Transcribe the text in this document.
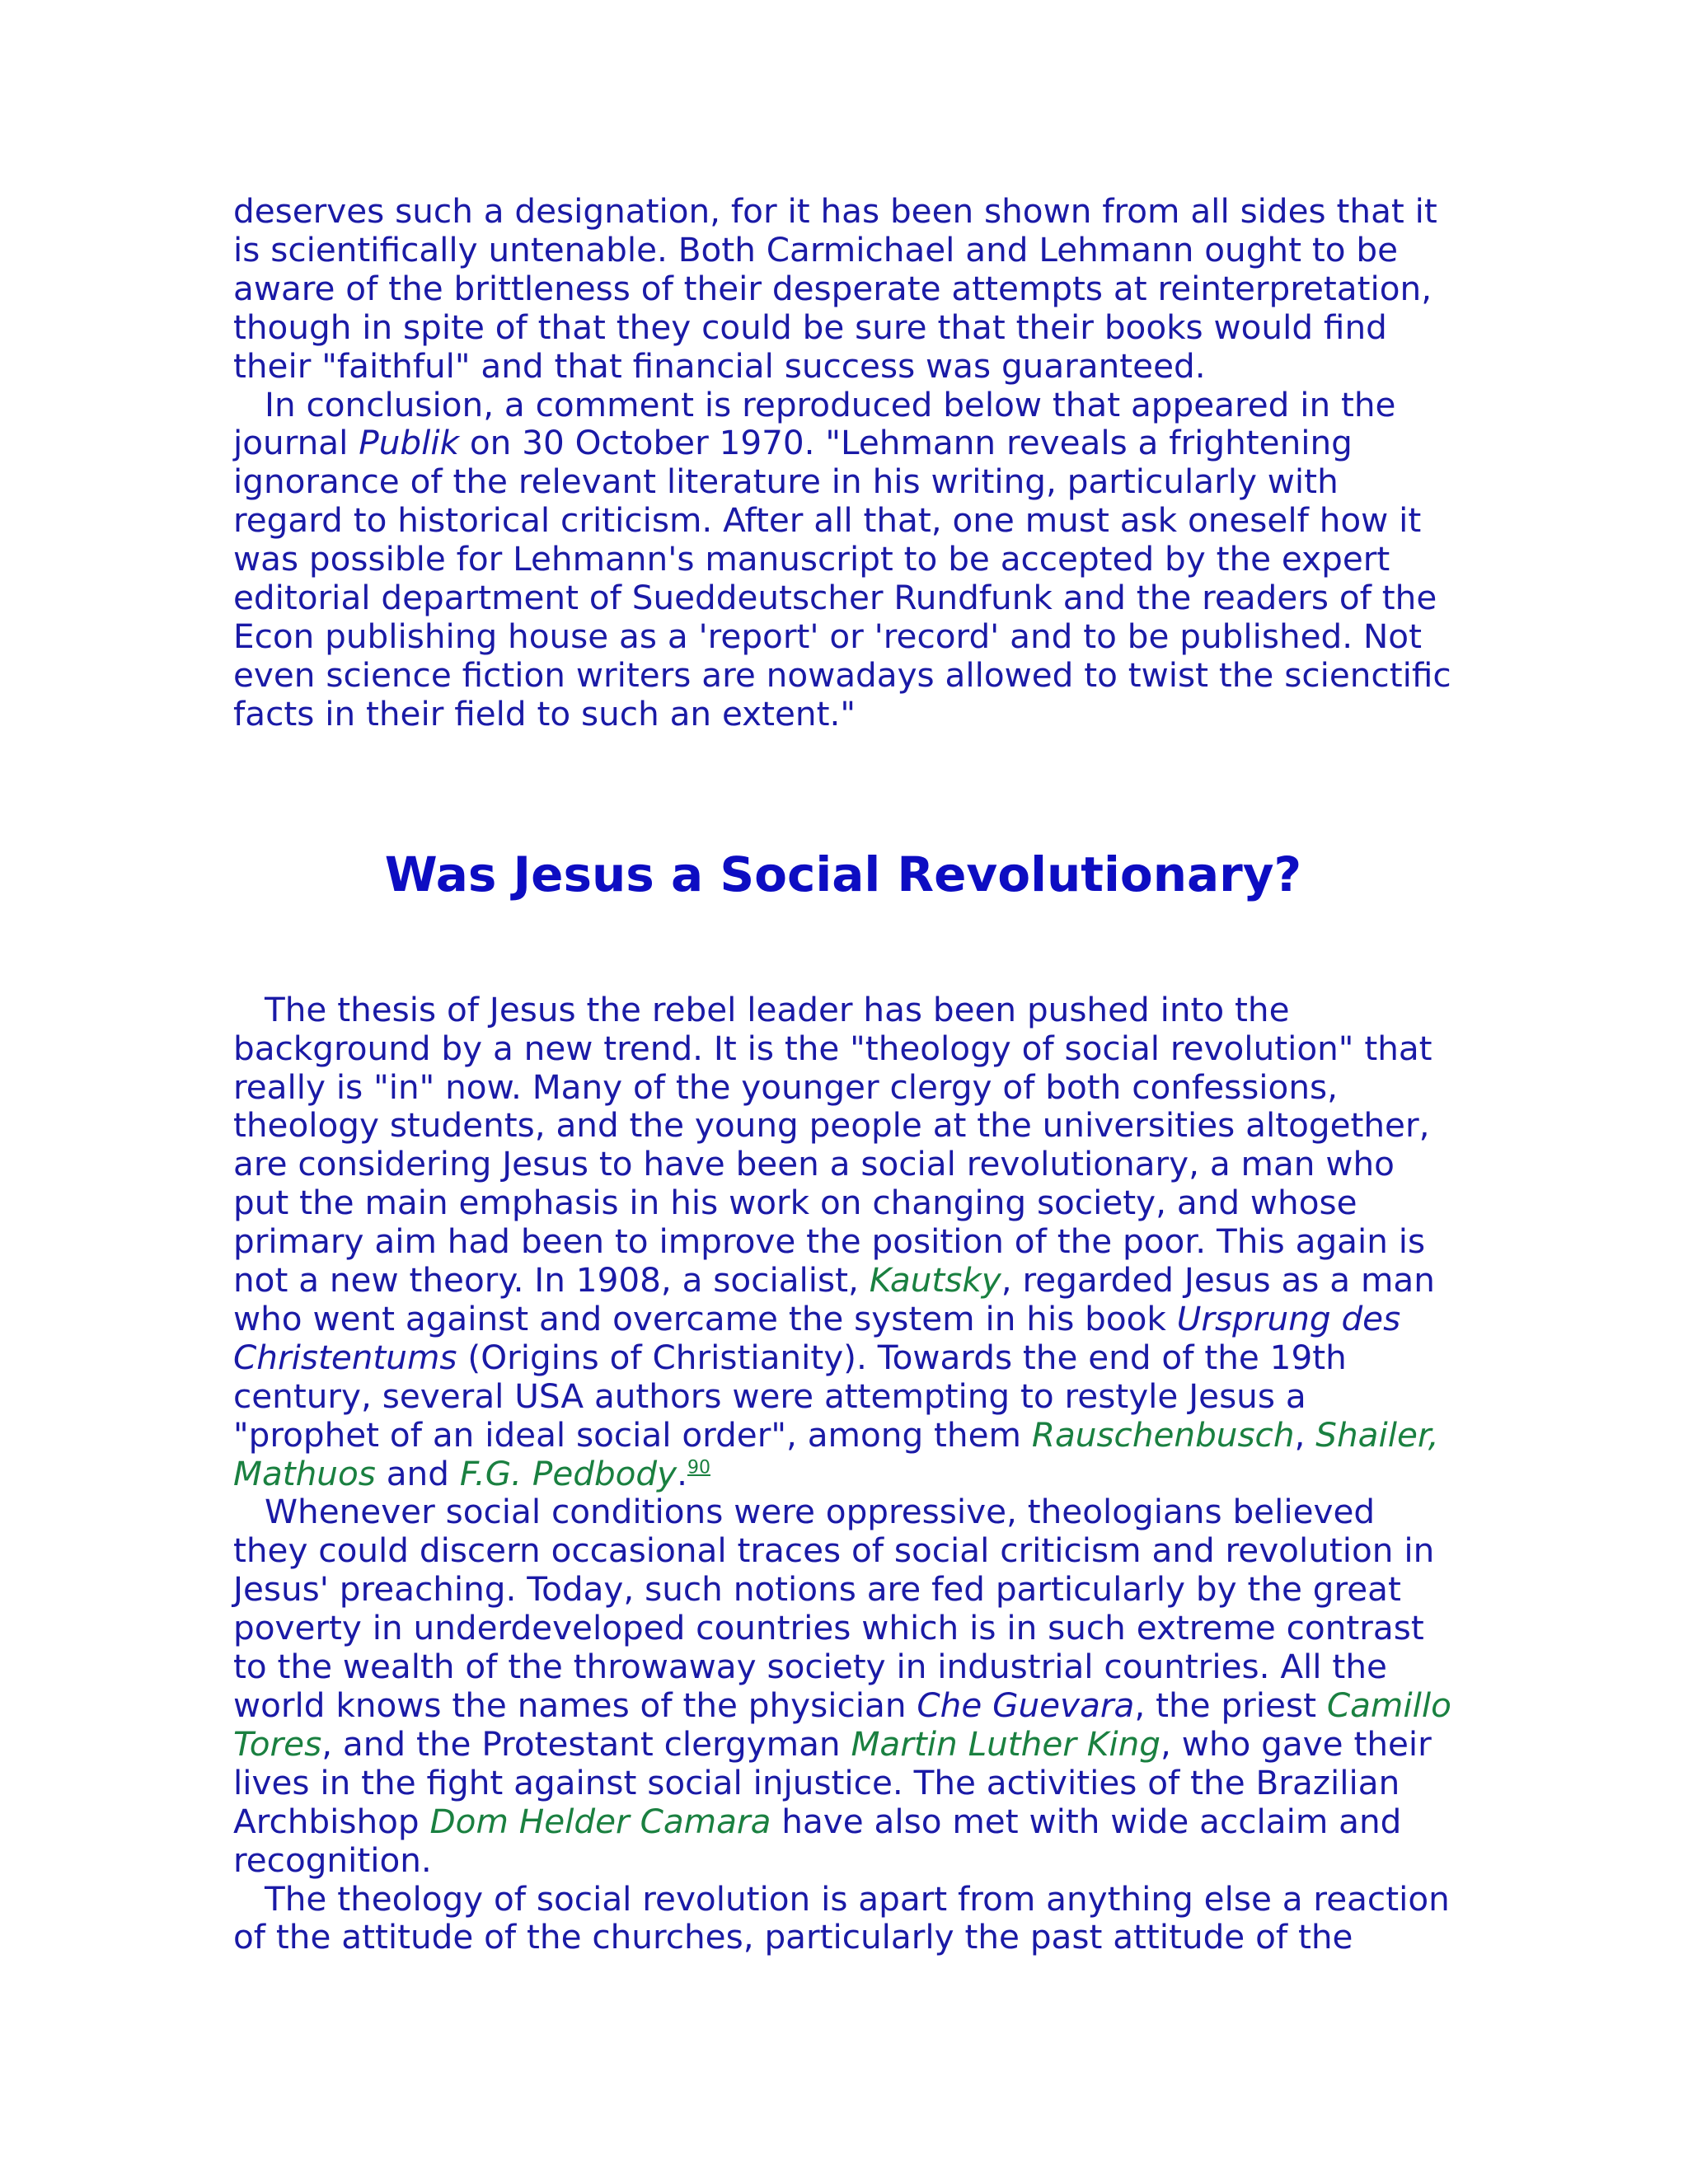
deserves such a designation, for it has been shown from all sides that it is scientifically untenable. Both Carmichael and Lehmann ought to be aware of the brittleness of their desperate attempts at reinterpretation, though in spite of that they could be sure that their books would find their "faithful" and that financial success was guaranteed.

In conclusion, a comment is reproduced below that appeared in the journal Publik on 30 October 1970. "Lehmann reveals a frightening ignorance of the relevant literature in his writing, particularly with regard to historical criticism. After all that, one must ask oneself how it was possible for Lehmann's manuscript to be accepted by the expert editorial department of Sueddeutscher Rundfunk and the readers of the Econ publishing house as a 'report' or 'record' and to be published. Not even science fiction writers are nowadays allowed to twist the scienctific facts in their field to such an extent."

Was Jesus a Social Revolutionary?

The thesis of Jesus the rebel leader has been pushed into the background by a new trend. It is the "theology of social revolution" that really is "in" now. Many of the younger clergy of both confessions, theology students, and the young people at the universities altogether, are considering Jesus to have been a social revolutionary, a man who put the main emphasis in his work on changing society, and whose primary aim had been to improve the position of the poor. This again is not a new theory. In 1908, a socialist, Kautsky, regarded Jesus as a man who went against and overcame the system in his book Ursprung des Christentums (Origins of Christianity). Towards the end of the 19th century, several USA authors were attempting to restyle Jesus a "prophet of an ideal social order", among them Rauschenbusch, Shailer, Mathuos and F.G. Pedbody.$^{90}$

Whenever social conditions were oppressive, theologians believed they could discern occasional traces of social criticism and revolution in Jesus' preaching. Today, such notions are fed particularly by the great poverty in underdeveloped countries which is in such extreme contrast to the wealth of the throwaway society in industrial countries. All the world knows the names of the physician Che Guevara, the priest Camillo Tores, and the Protestant clergyman Martin Luther King, who gave their lives in the fight against social injustice. The activities of the Brazilian Archbishop Dom Helder Camara have also met with wide acclaim and recognition.

The theology of social revolution is apart from anything else a reaction of the attitude of the churches, particularly the past attitude of the
